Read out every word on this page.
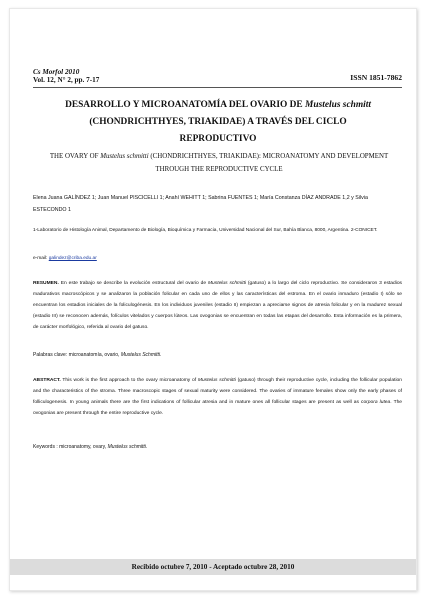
Cs Morfol 2010
Vol. 12, N° 2, pp. 7-17	ISSN 1851-7862
DESARROLLO Y MICROANATOMÍA DEL OVARIO DE Mustelus schmitt
(CHONDRICHTHYES, TRIAKIDAE) A TRAVÉS DEL CICLO REPRODUCTIVO
THE OVARY OF Mustelus schmitti (CHONDRICHTHYES, TRIAKIDAE): MICROANATOMY AND DEVELOPMENT THROUGH THE REPRODUCTIVE CYCLE
Elena Juana GALÍNDEZ 1; Juan Manuel PISCICELLI 1; Anahí WEHITT 1; Sabrina FUENTES 1; María Constanza DÍAZ ANDRADE 1,2 y Silvia ESTECONDO 1
1-Laboratorio de Histología Animal, Departamento de Biología, Bioquímica y Farmacia, Universidad Nacional del Sur, Bahía Blanca, 8000, Argentina. 2-CONICET.
e-mail: galindez@criba.edu.ar
RESUMEN. En este trabajo se describe la evolución estructural del ovario de Mustelus schmitti (gatuso) a lo largo del ciclo reproductivo. Se consideraron 3 estadios madurativos macroscópicos y se analizaron la población folicular en cada uno de ellos y las características del estroma. En el ovario inmaduro (estadio I) sólo se encuentran los estadios iniciales de la foliculogénesis. En los individuos juveniles (estadio II) empiezan a apreciarse signos de atresia folicular y en la madurez sexual (estadio III) se reconocen además, folículos vitelados y cuerpos lúteos. Las ovogonias se encuentran en todas las etapas del desarrollo. Esta información es la primera, de carácter morfológico, referida al ovario del gatuso.
Palabras clave: microanatomía, ovario, Mustelus Schmitti.
ABSTRACT. This work is the first approach to the ovary microanatomy of Mustelus schmitti (gatuso) through their reproductive cycle, including the follicular population and the characteristics of the stroma. Three macroscopic stages of sexual maturity were considered. The ovaries of immature females show only the early phases of folliculogenesis. In young animals there are the first indications of follicular atresia and in mature ones all follicular stages are present as well as corpora lutea. The ovogonias are present through the entire reproductive cycle.
Keywords : microanatomy, ovary, Mustelus schmitti.
Recibido octubre 7, 2010 - Aceptado octubre 28, 2010
